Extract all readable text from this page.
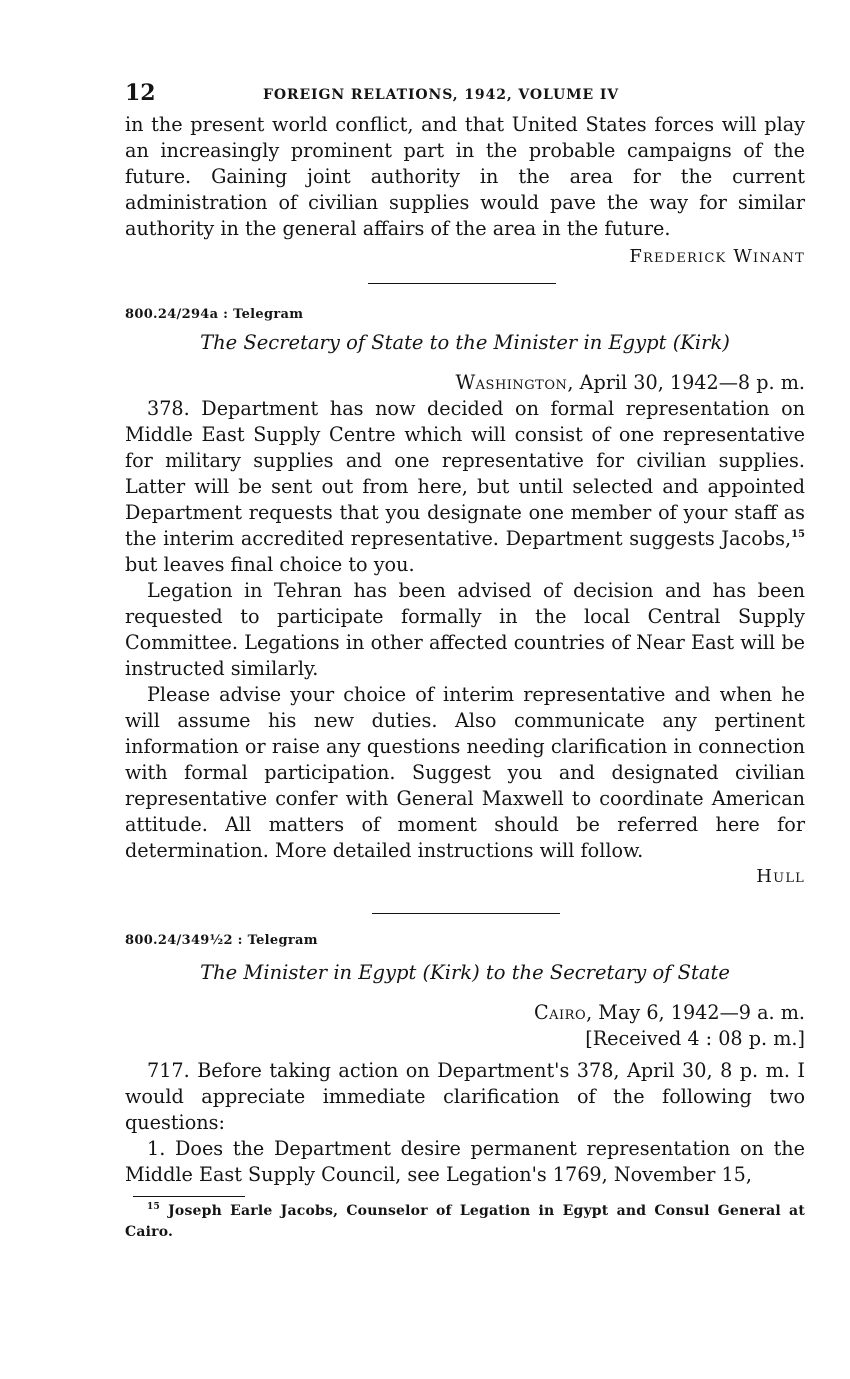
12	FOREIGN RELATIONS, 1942, VOLUME IV

in the present world conflict, and that United States forces will play an increasingly prominent part in the probable campaigns of the future. Gaining joint authority in the area for the current administration of civilian supplies would pave the way for similar authority in the general affairs of the area in the future.

Frederick Winant
800.24/294a : Telegram
The Secretary of State to the Minister in Egypt (Kirk)
Washington, April 30, 1942—8 p. m.

378. Department has now decided on formal representation on Middle East Supply Centre which will consist of one representative for military supplies and one representative for civilian supplies. Latter will be sent out from here, but until selected and appointed Department requests that you designate one member of your staff as the interim accredited representative. Department suggests Jacobs,$^{15}$ but leaves final choice to you.

Legation in Tehran has been advised of decision and has been requested to participate formally in the local Central Supply Committee. Legations in other affected countries of Near East will be instructed similarly.

Please advise your choice of interim representative and when he will assume his new duties. Also communicate any pertinent information or raise any questions needing clarification in connection with formal participation. Suggest you and designated civilian representative confer with General Maxwell to coordinate American attitude. All matters of moment should be referred here for determination. More detailed instructions will follow.

Hull
800.24/349½2 : Telegram
The Minister in Egypt (Kirk) to the Secretary of State
Cairo, May 6, 1942—9 a. m.
[Received 4 : 08 p. m.]

717. Before taking action on Department's 378, April 30, 8 p. m. I would appreciate immediate clarification of the following two questions:

1. Does the Department desire permanent representation on the Middle East Supply Council, see Legation's 1769, November 15,

$^{15}$ Joseph Earle Jacobs, Counselor of Legation in Egypt and Consul General at Cairo.
